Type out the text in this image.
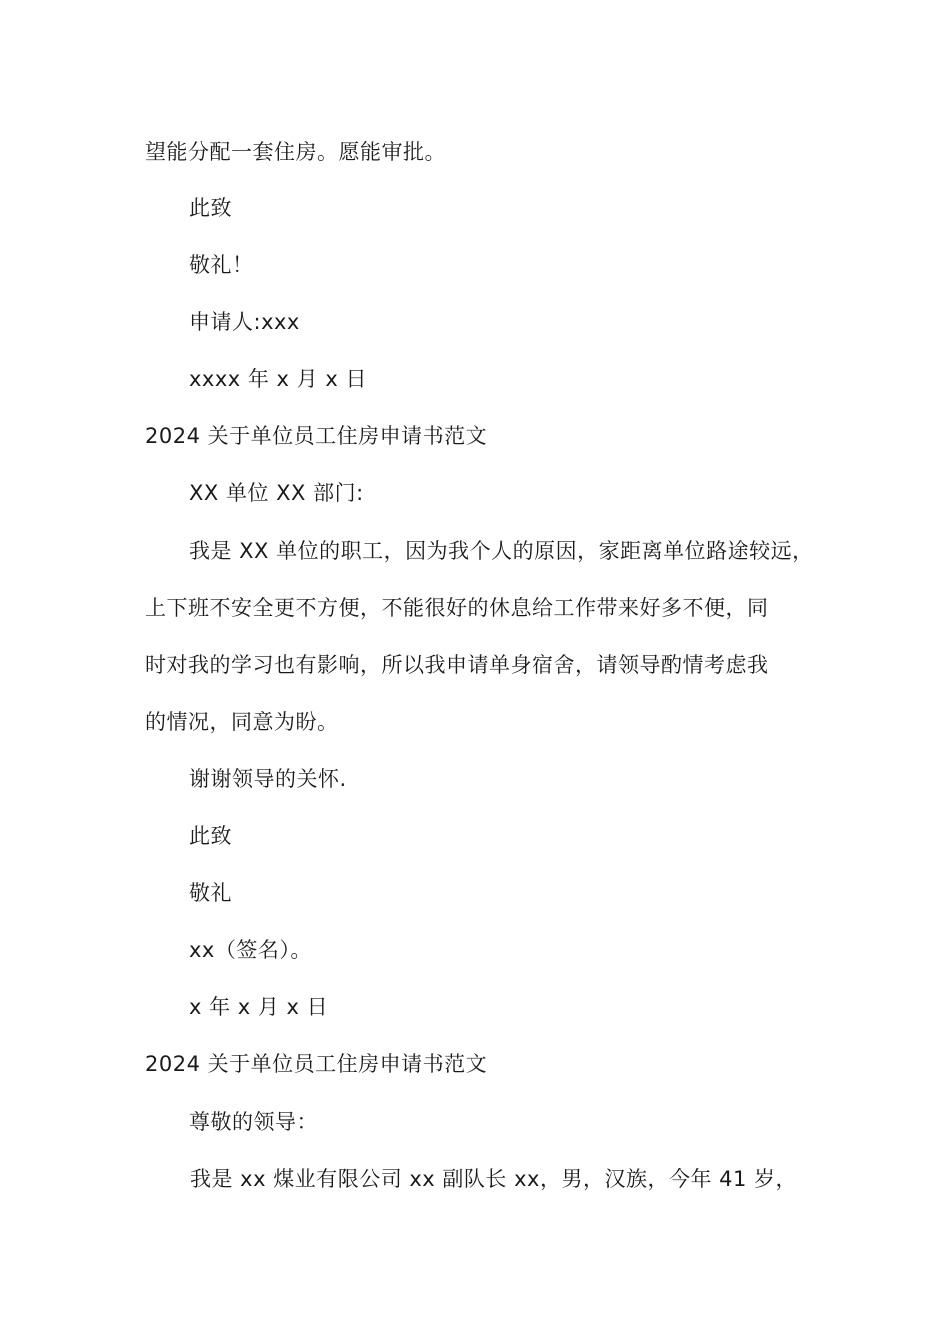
望能分配一套住房。愿能审批。
此致
敬礼！
申请人:xxx
xxxx 年 x 月 x 日
2024 关于单位员工住房申请书范文
XX 单位 XX 部门:
我是 XX 单位的职工，因为我个人的原因，家距离单位路途较远，
上下班不安全更不方便，不能很好的休息给工作带来好多不便，同
时对我的学习也有影响，所以我申请单身宿舍，请领导酌情考虑我
的情况，同意为盼。
谢谢领导的关怀.
此致
敬礼
xx（签名）。
x 年 x 月 x 日
2024 关于单位员工住房申请书范文
尊敬的领导：
我是 xx 煤业有限公司 xx 副队长 xx，男，汉族，今年 41 岁，
